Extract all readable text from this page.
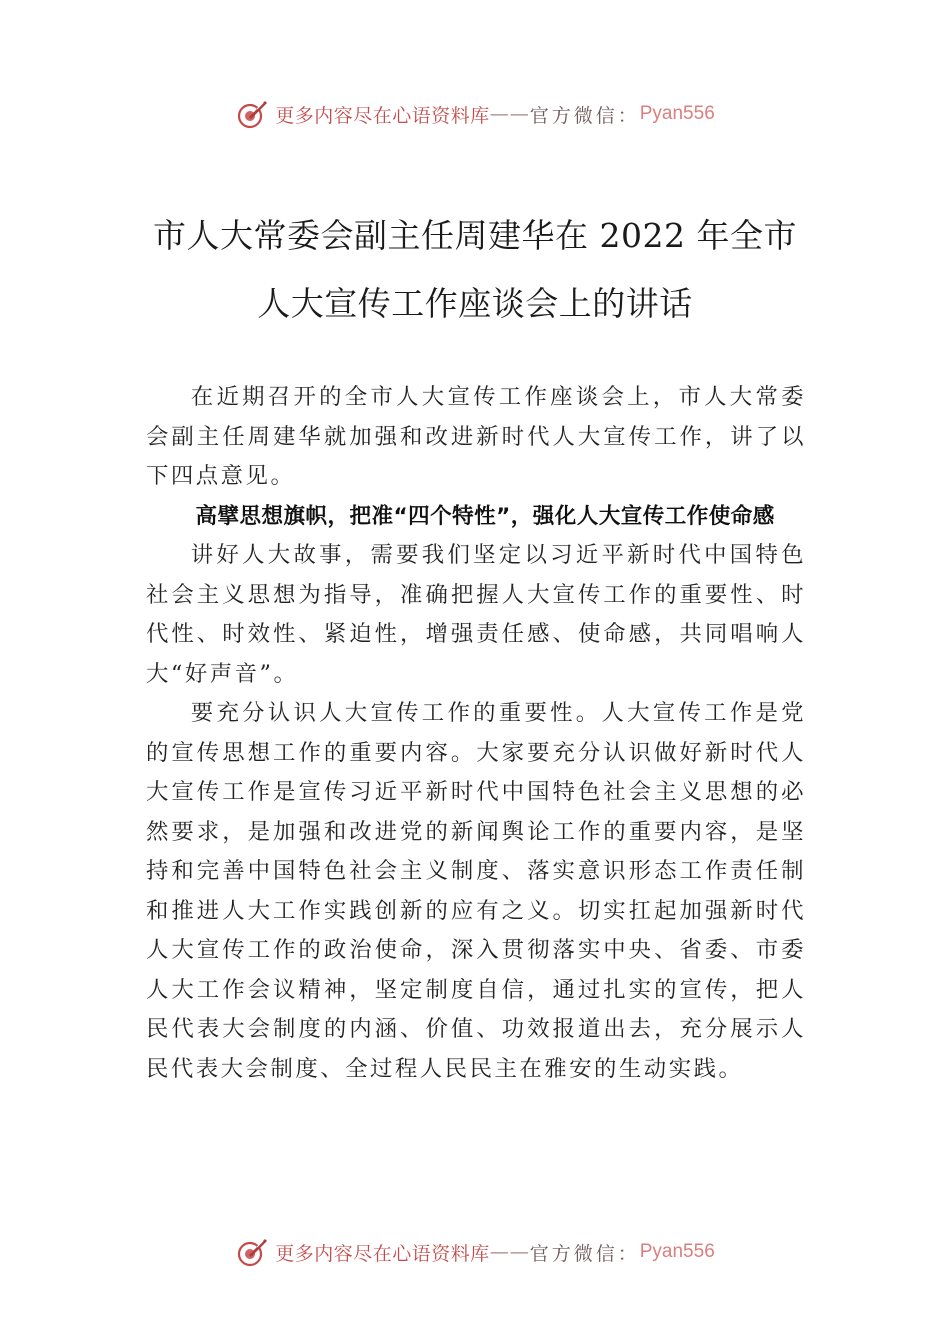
更多内容尽在心语资料库 —— 官方微信： Pyan556
市人大常委会副主任周建华在 2022 年全市
人大宣传工作座谈会上的讲话

在近期召开的全市人大宣传工作座谈会上，市人大常委会副主任周建华就加强和改进新时代人大宣传工作，讲了以下四点意见。

高擘思想旗帜，把准“四个特性”，强化人大宣传工作使命感

讲好人大故事，需要我们坚定以习近平新时代中国特色社会主义思想为指导，准确把握人大宣传工作的重要性、时代性、时效性、紧迫性，增强责任感、使命感，共同唱响人大“好声音”。

要充分认识人大宣传工作的重要性。人大宣传工作是党的宣传思想工作的重要内容。大家要充分认识做好新时代人大宣传工作是宣传习近平新时代中国特色社会主义思想的必然要求，是加强和改进党的新闻舆论工作的重要内容，是坚持和完善中国特色社会主义制度、落实意识形态工作责任制和推进人大工作实践创新的应有之义。切实扛起加强新时代人大宣传工作的政治使命，深入贯彻落实中央、省委、市委人大工作会议精神，坚定制度自信，通过扎实的宣传，把人民代表大会制度的内涵、价值、功效报道出去，充分展示人民代表大会制度、全过程人民民主在雅安的生动实践。

更多内容尽在心语资料库 —— 官方微信： Pyan556
